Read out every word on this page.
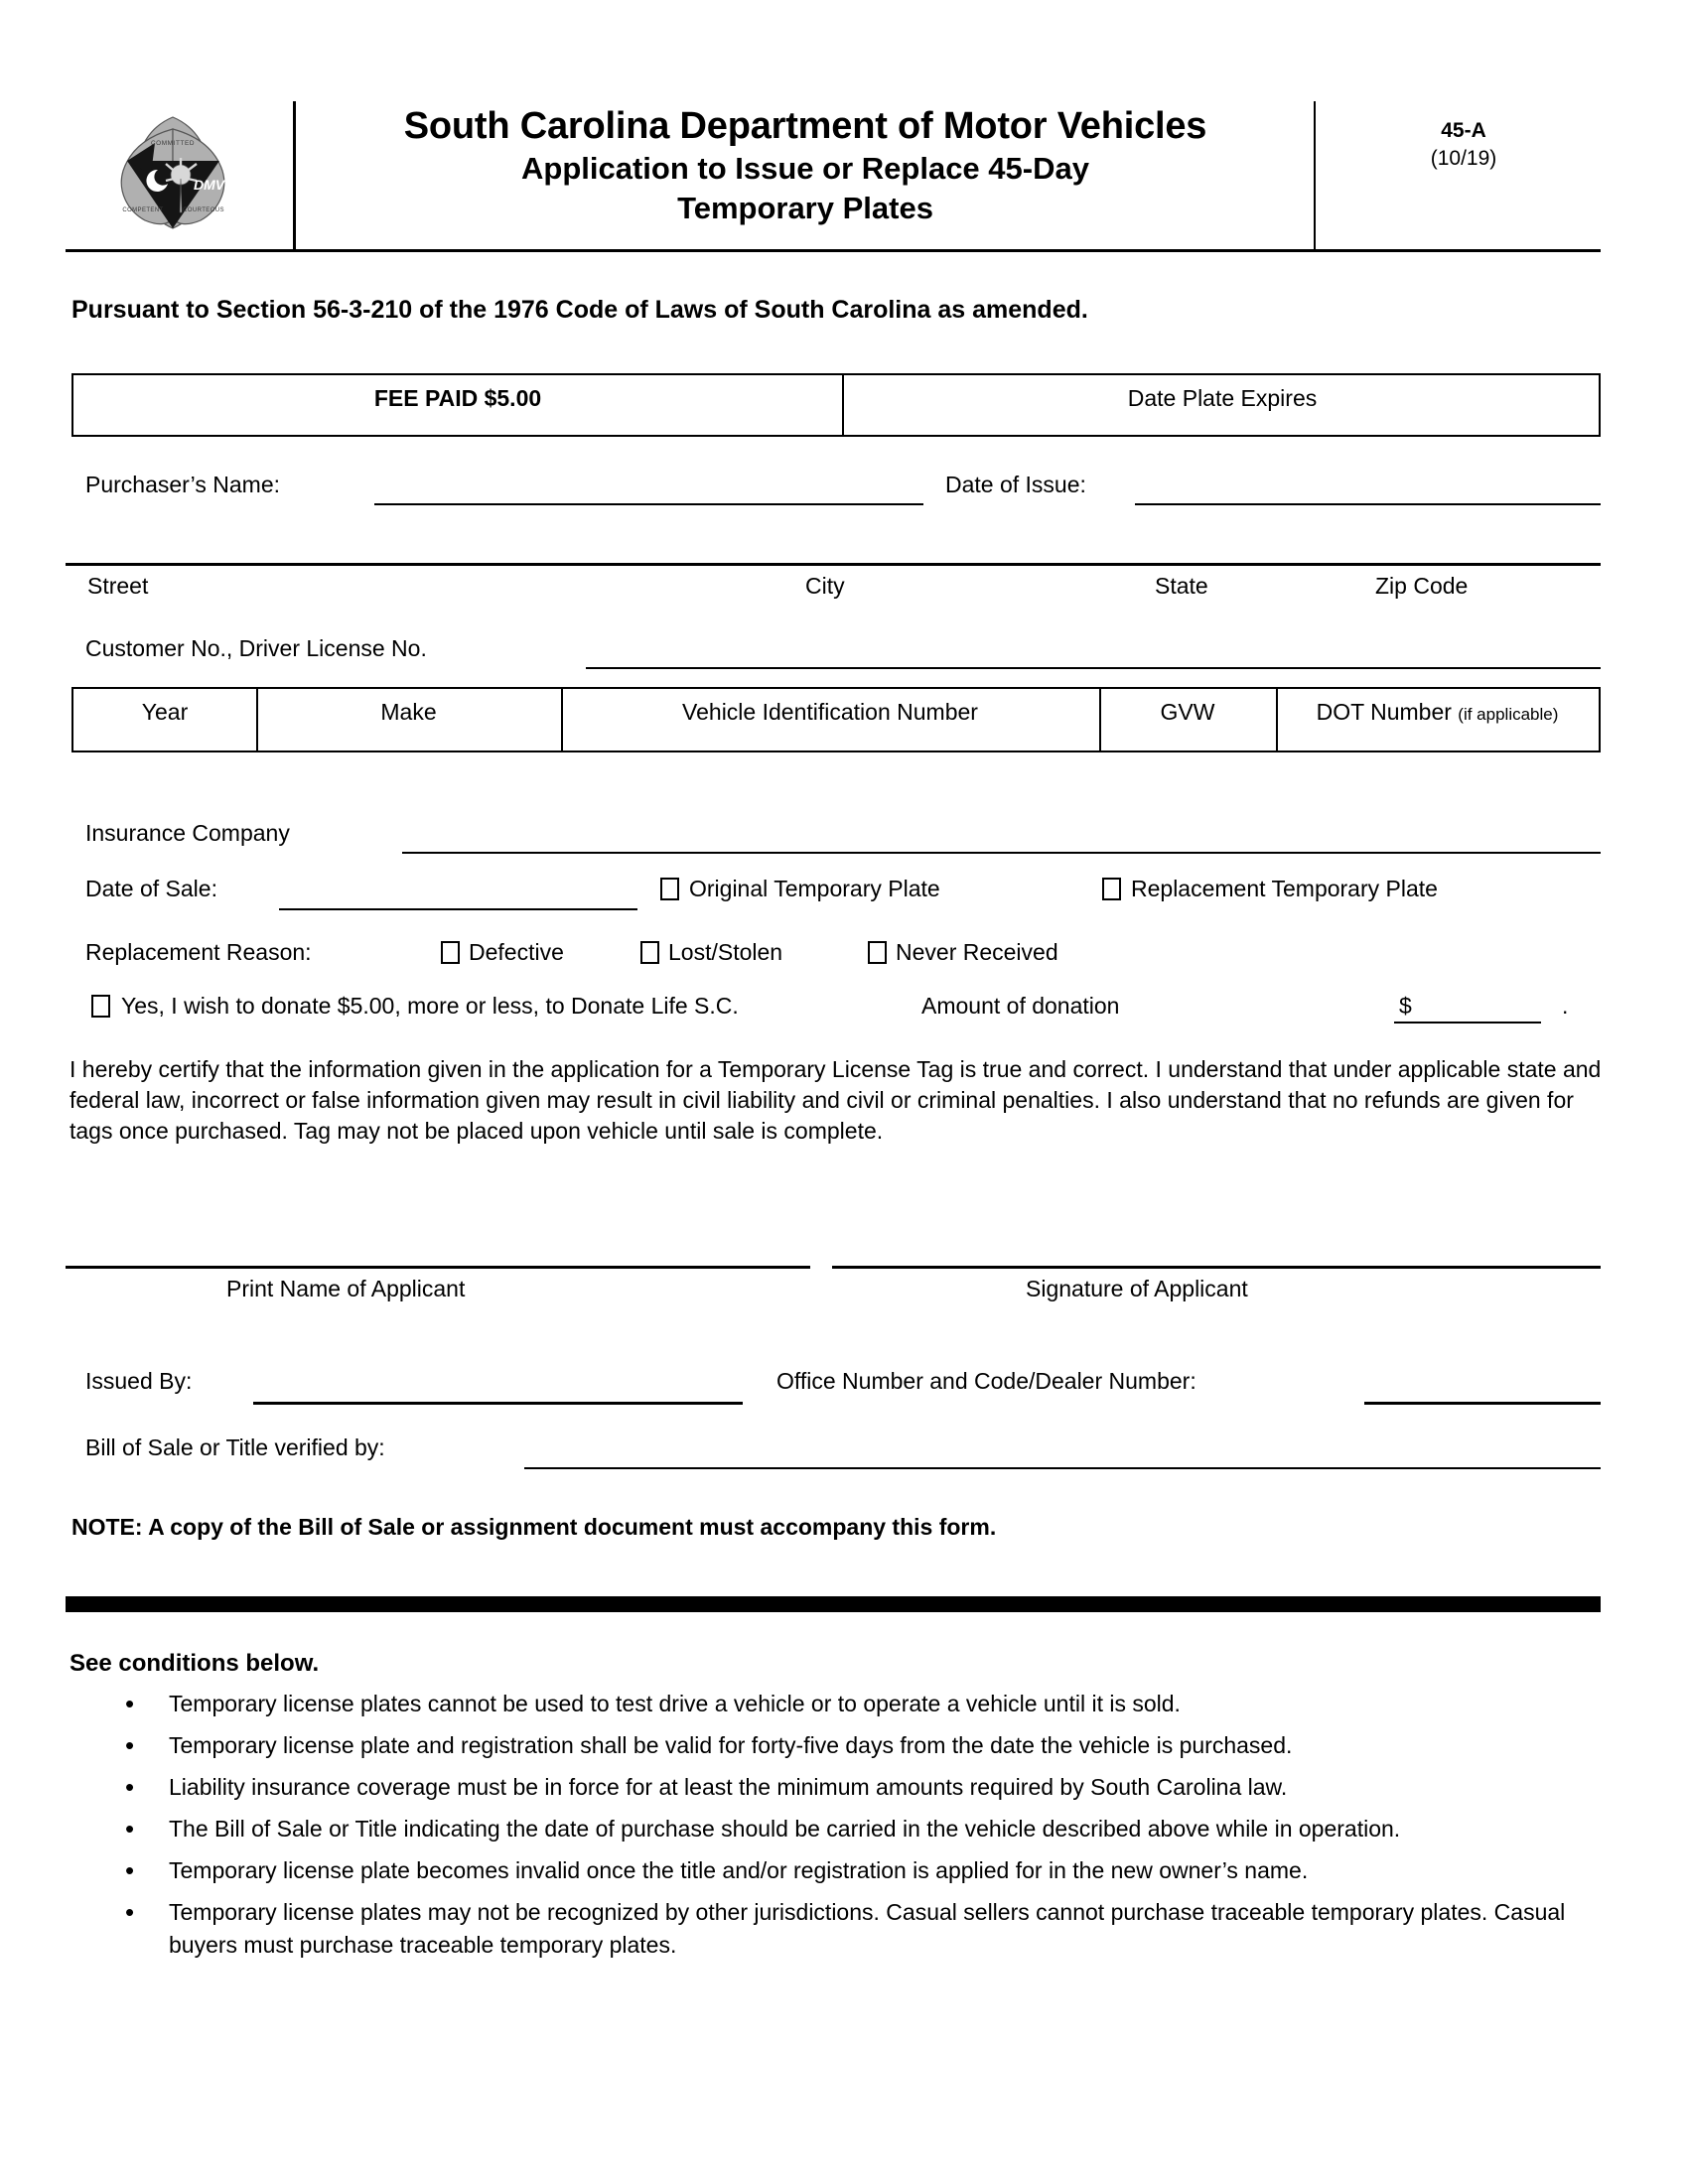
DMV
COMMITTED
COMPETENT	COURTEOUS
South Carolina Department of Motor Vehicles
Application to Issue or Replace 45-Day
Temporary Plates
45-A
(10/19)
Pursuant to Section 56-3-210 of the 1976 Code of Laws of South Carolina as amended.
FEE PAID $5.00	Date Plate Expires
Purchaser’s Name:	Date of Issue:
Street	City	State	Zip Code
Customer No., Driver License No.
Year	Make	Vehicle Identification Number	GVW	DOT Number (if applicable)
Insurance Company
Date of Sale:	Original Temporary Plate	Replacement Temporary Plate
Replacement Reason:	Defective	Lost/Stolen	Never Received
Yes, I wish to donate $5.00, more or less, to Donate Life S.C.	Amount of donation	$	.
I hereby certify that the information given in the application for a Temporary License Tag is true and correct. I understand that under applicable state and federal law, incorrect or false information given may result in civil liability and civil or criminal penalties. I also understand that no refunds are given for tags once purchased. Tag may not be placed upon vehicle until sale is complete.
Print Name of Applicant	Signature of Applicant
Issued By:	Office Number and Code/Dealer Number:
Bill of Sale or Title verified by:
NOTE: A copy of the Bill of Sale or assignment document must accompany this form.
See conditions below.
• Temporary license plates cannot be used to test drive a vehicle or to operate a vehicle until it is sold.
• Temporary license plate and registration shall be valid for forty-five days from the date the vehicle is purchased.
• Liability insurance coverage must be in force for at least the minimum amounts required by South Carolina law.
• The Bill of Sale or Title indicating the date of purchase should be carried in the vehicle described above while in operation.
• Temporary license plate becomes invalid once the title and/or registration is applied for in the new owner’s name.
• Temporary license plates may not be recognized by other jurisdictions. Casual sellers cannot purchase traceable temporary plates. Casual buyers must purchase traceable temporary plates.
